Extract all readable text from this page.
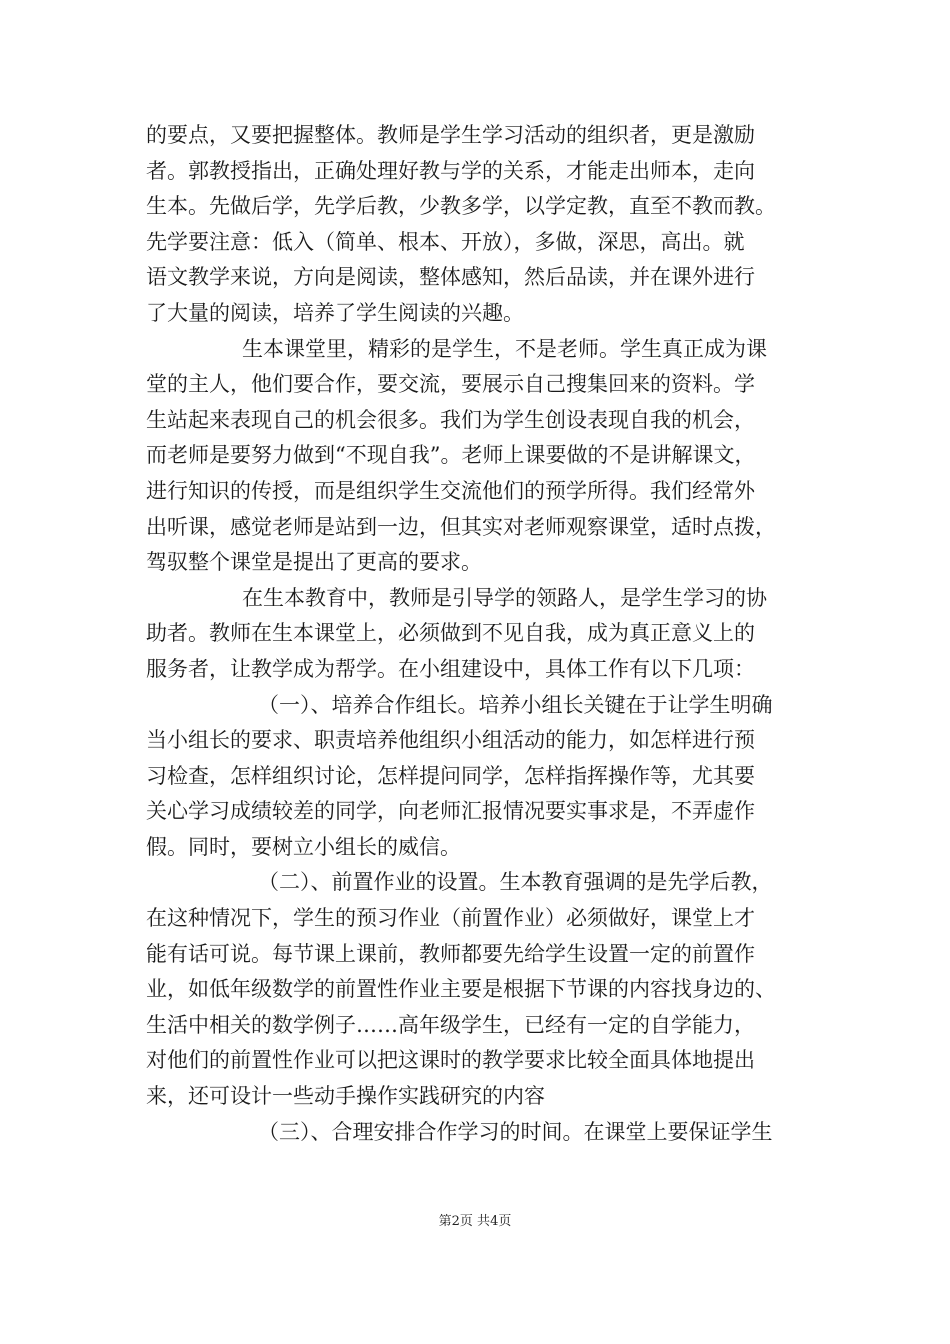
的要点，又要把握整体。教师是学生学习活动的组织者，更是激励
者。郭教授指出，正确处理好教与学的关系，才能走出师本，走向
生本。先做后学，先学后教，少教多学，以学定教，直至不教而教。
先学要注意：低入（简单、根本、开放），多做，深思，高出。就
语文教学来说，方向是阅读，整体感知，然后品读，并在课外进行
了大量的阅读，培养了学生阅读的兴趣。
生本课堂里，精彩的是学生，不是老师。学生真正成为课
堂的主人，他们要合作，要交流，要展示自己搜集回来的资料。学
生站起来表现自己的机会很多。我们为学生创设表现自我的机会，
而老师是要努力做到“不现自我”。老师上课要做的不是讲解课文，
进行知识的传授，而是组织学生交流他们的预学所得。我们经常外
出听课，感觉老师是站到一边，但其实对老师观察课堂，适时点拨，
驾驭整个课堂是提出了更高的要求。
在生本教育中，教师是引导学的领路人，是学生学习的协
助者。教师在生本课堂上，必须做到不见自我，成为真正意义上的
服务者，让教学成为帮学。在小组建设中，具体工作有以下几项：
（一）、培养合作组长。培养小组长关键在于让学生明确
当小组长的要求、职责培养他组织小组活动的能力，如怎样进行预
习检查，怎样组织讨论，怎样提问同学，怎样指挥操作等，尤其要
关心学习成绩较差的同学，向老师汇报情况要实事求是，不弄虚作
假。同时，要树立小组长的威信。
（二）、前置作业的设置。生本教育强调的是先学后教，
在这种情况下，学生的预习作业（前置作业）必须做好，课堂上才
能有话可说。每节课上课前，教师都要先给学生设置一定的前置作
业，如低年级数学的前置性作业主要是根据下节课的内容找身边的、
生活中相关的数学例子……高年级学生，已经有一定的自学能力，
对他们的前置性作业可以把这课时的教学要求比较全面具体地提出
来，还可设计一些动手操作实践研究的内容
（三）、合理安排合作学习的时间。在课堂上要保证学生
第2页 共4页
